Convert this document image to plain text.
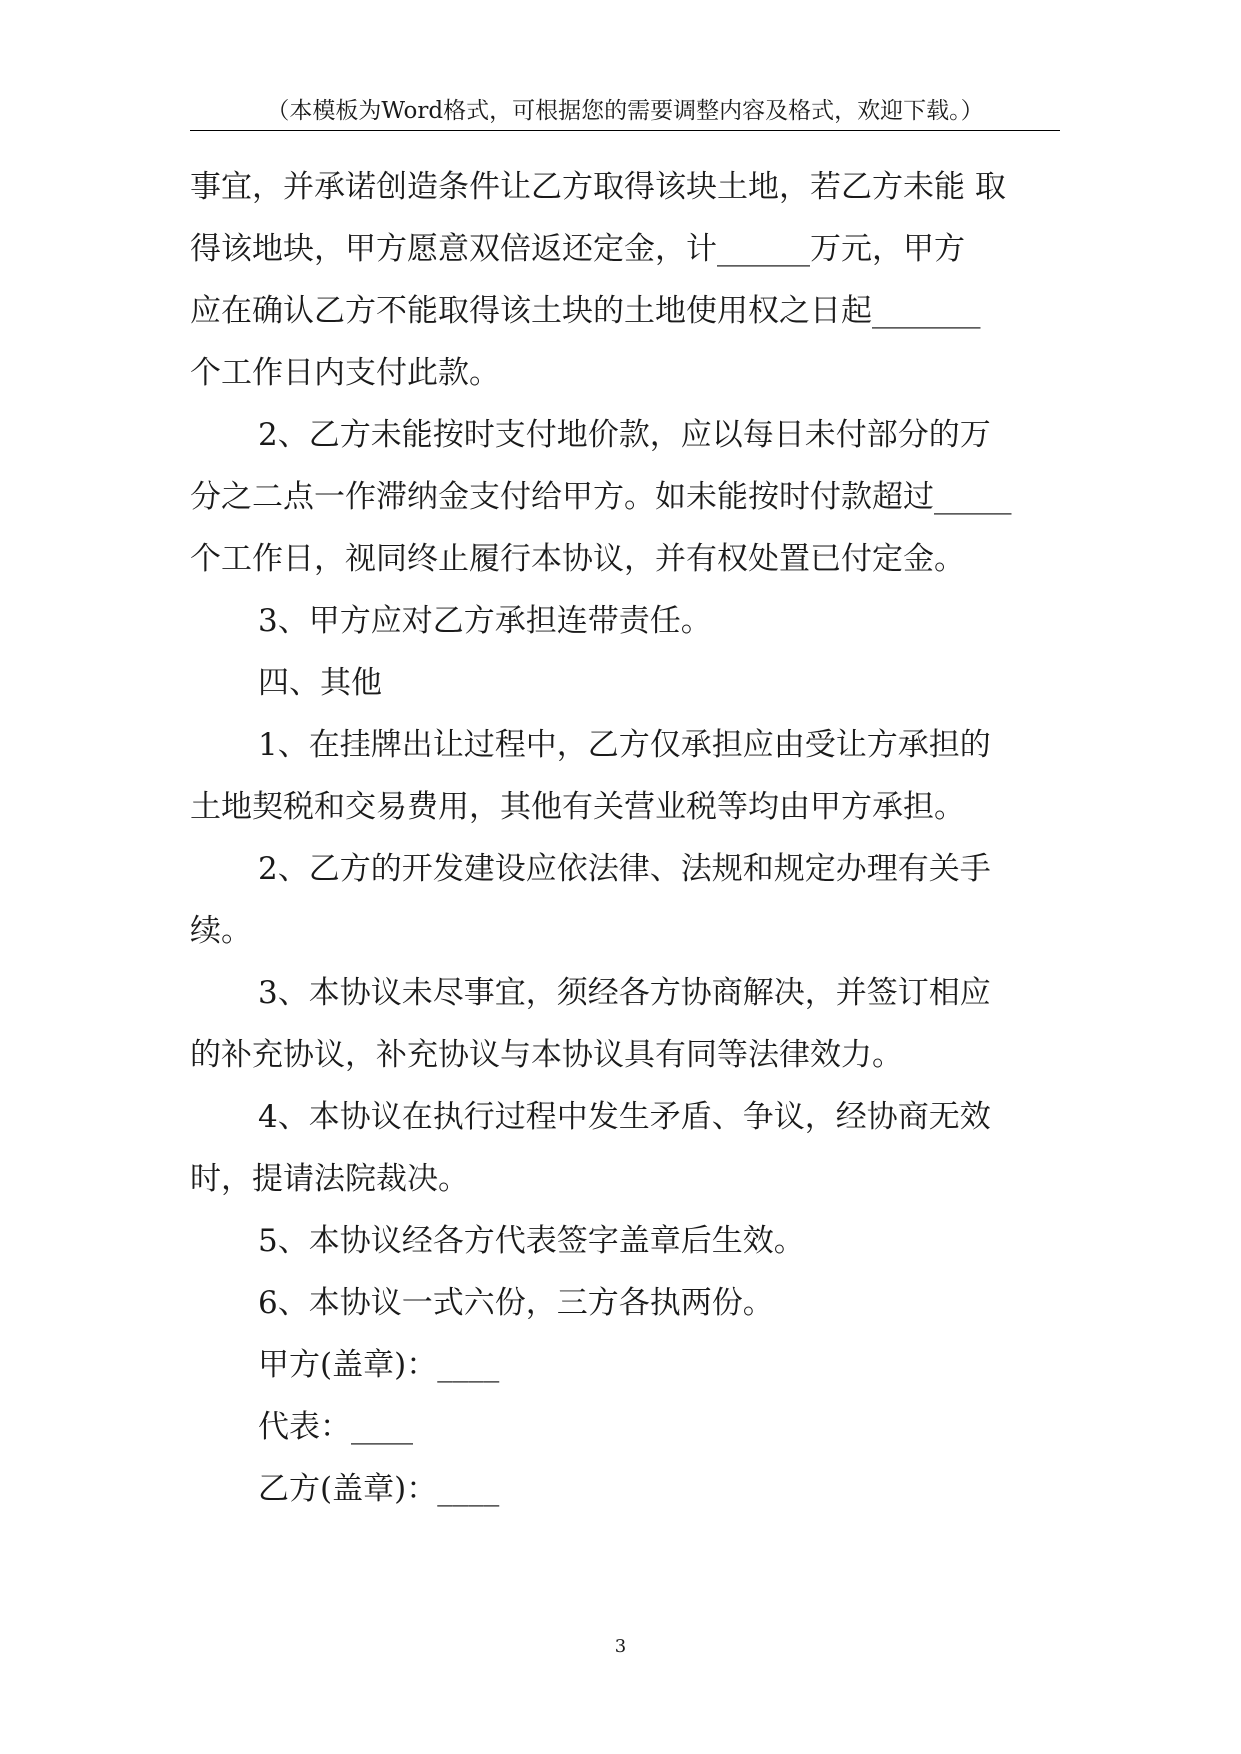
（本模板为Word格式，可根据您的需要调整内容及格式，欢迎下载。）
事宜，并承诺创造条件让乙方取得该块土地，若乙方未能 取
得该地块，甲方愿意双倍返还定金，计______万元，甲方
应在确认乙方不能取得该土块的土地使用权之日起_______
个工作日内支付此款。
2、乙方未能按时支付地价款，应以每日未付部分的万
分之二点一作滞纳金支付给甲方。如未能按时付款超过_____
个工作日，视同终止履行本协议，并有权处置已付定金。
3、甲方应对乙方承担连带责任。
四、其他
1、在挂牌出让过程中，乙方仅承担应由受让方承担的
土地契税和交易费用，其他有关营业税等均由甲方承担。
2、乙方的开发建设应依法律、法规和规定办理有关手
续。
3、本协议未尽事宜，须经各方协商解决，并签订相应
的补充协议，补充协议与本协议具有同等法律效力。
4、本协议在执行过程中发生矛盾、争议，经协商无效
时，提请法院裁决。
5、本协议经各方代表签字盖章后生效。
6、本协议一式六份，三方各执两份。
甲方(盖章)：____
代表：____
乙方(盖章)：____
3
